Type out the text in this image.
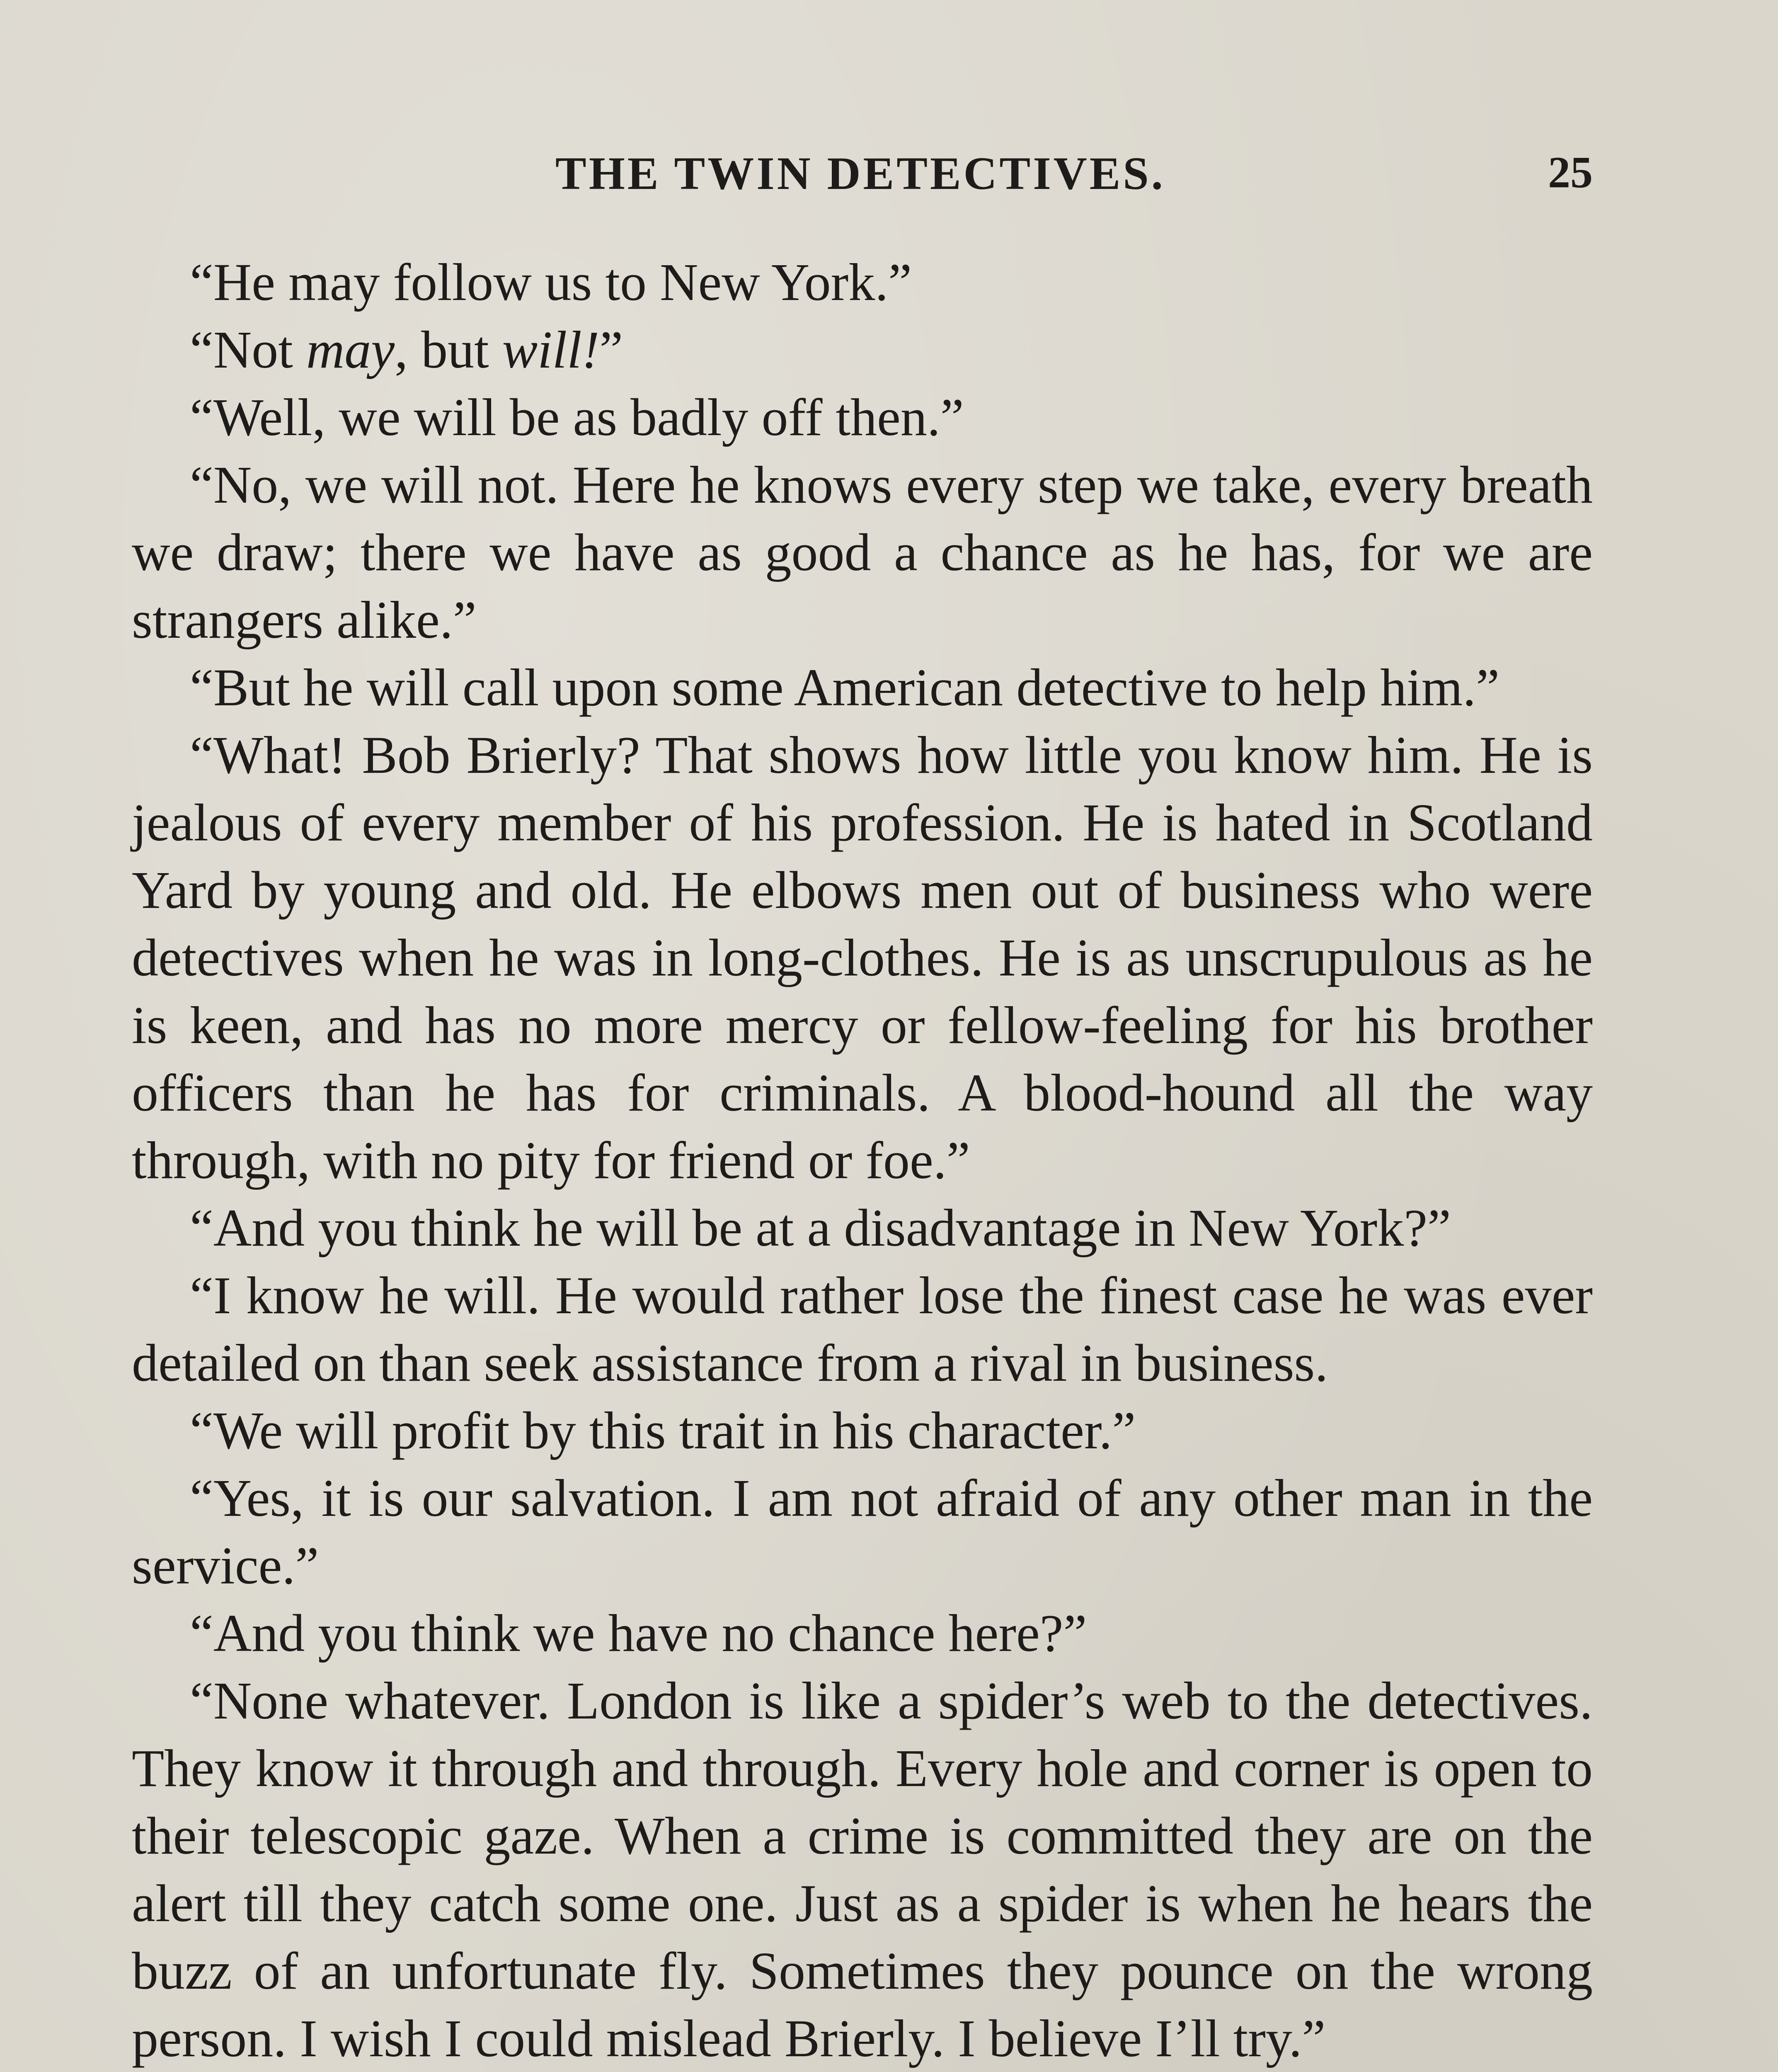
THE TWIN DETECTIVES.	25

“He may follow us to New York.”

“Not may, but will!”

“Well, we will be as badly off then.”

“No, we will not. Here he knows every step we take, every breath we draw; there we have as good a chance as he has, for we are strangers alike.”

“But he will call upon some American detective to help him.”

“What! Bob Brierly? That shows how little you know him. He is jealous of every member of his profession. He is hated in Scotland Yard by young and old. He elbows men out of business who were detectives when he was in long-clothes. He is as unscrupulous as he is keen, and has no more mercy or fellow-feeling for his brother officers than he has for criminals. A blood-hound all the way through, with no pity for friend or foe.”

“And you think he will be at a disadvantage in New York?”

“I know he will. He would rather lose the finest case he was ever detailed on than seek assistance from a rival in business.

“We will profit by this trait in his character.”

“Yes, it is our salvation. I am not afraid of any other man in the service.”

“And you think we have no chance here?”

“None whatever. London is like a spider’s web to the detectives. They know it through and through. Every hole and corner is open to their telescopic gaze. When a crime is committed they are on the alert till they catch some one. Just as a spider is when he hears the buzz of an unfortunate fly. Sometimes they pounce on the wrong person. I wish I could mislead Brierly. I believe I’ll try.”
